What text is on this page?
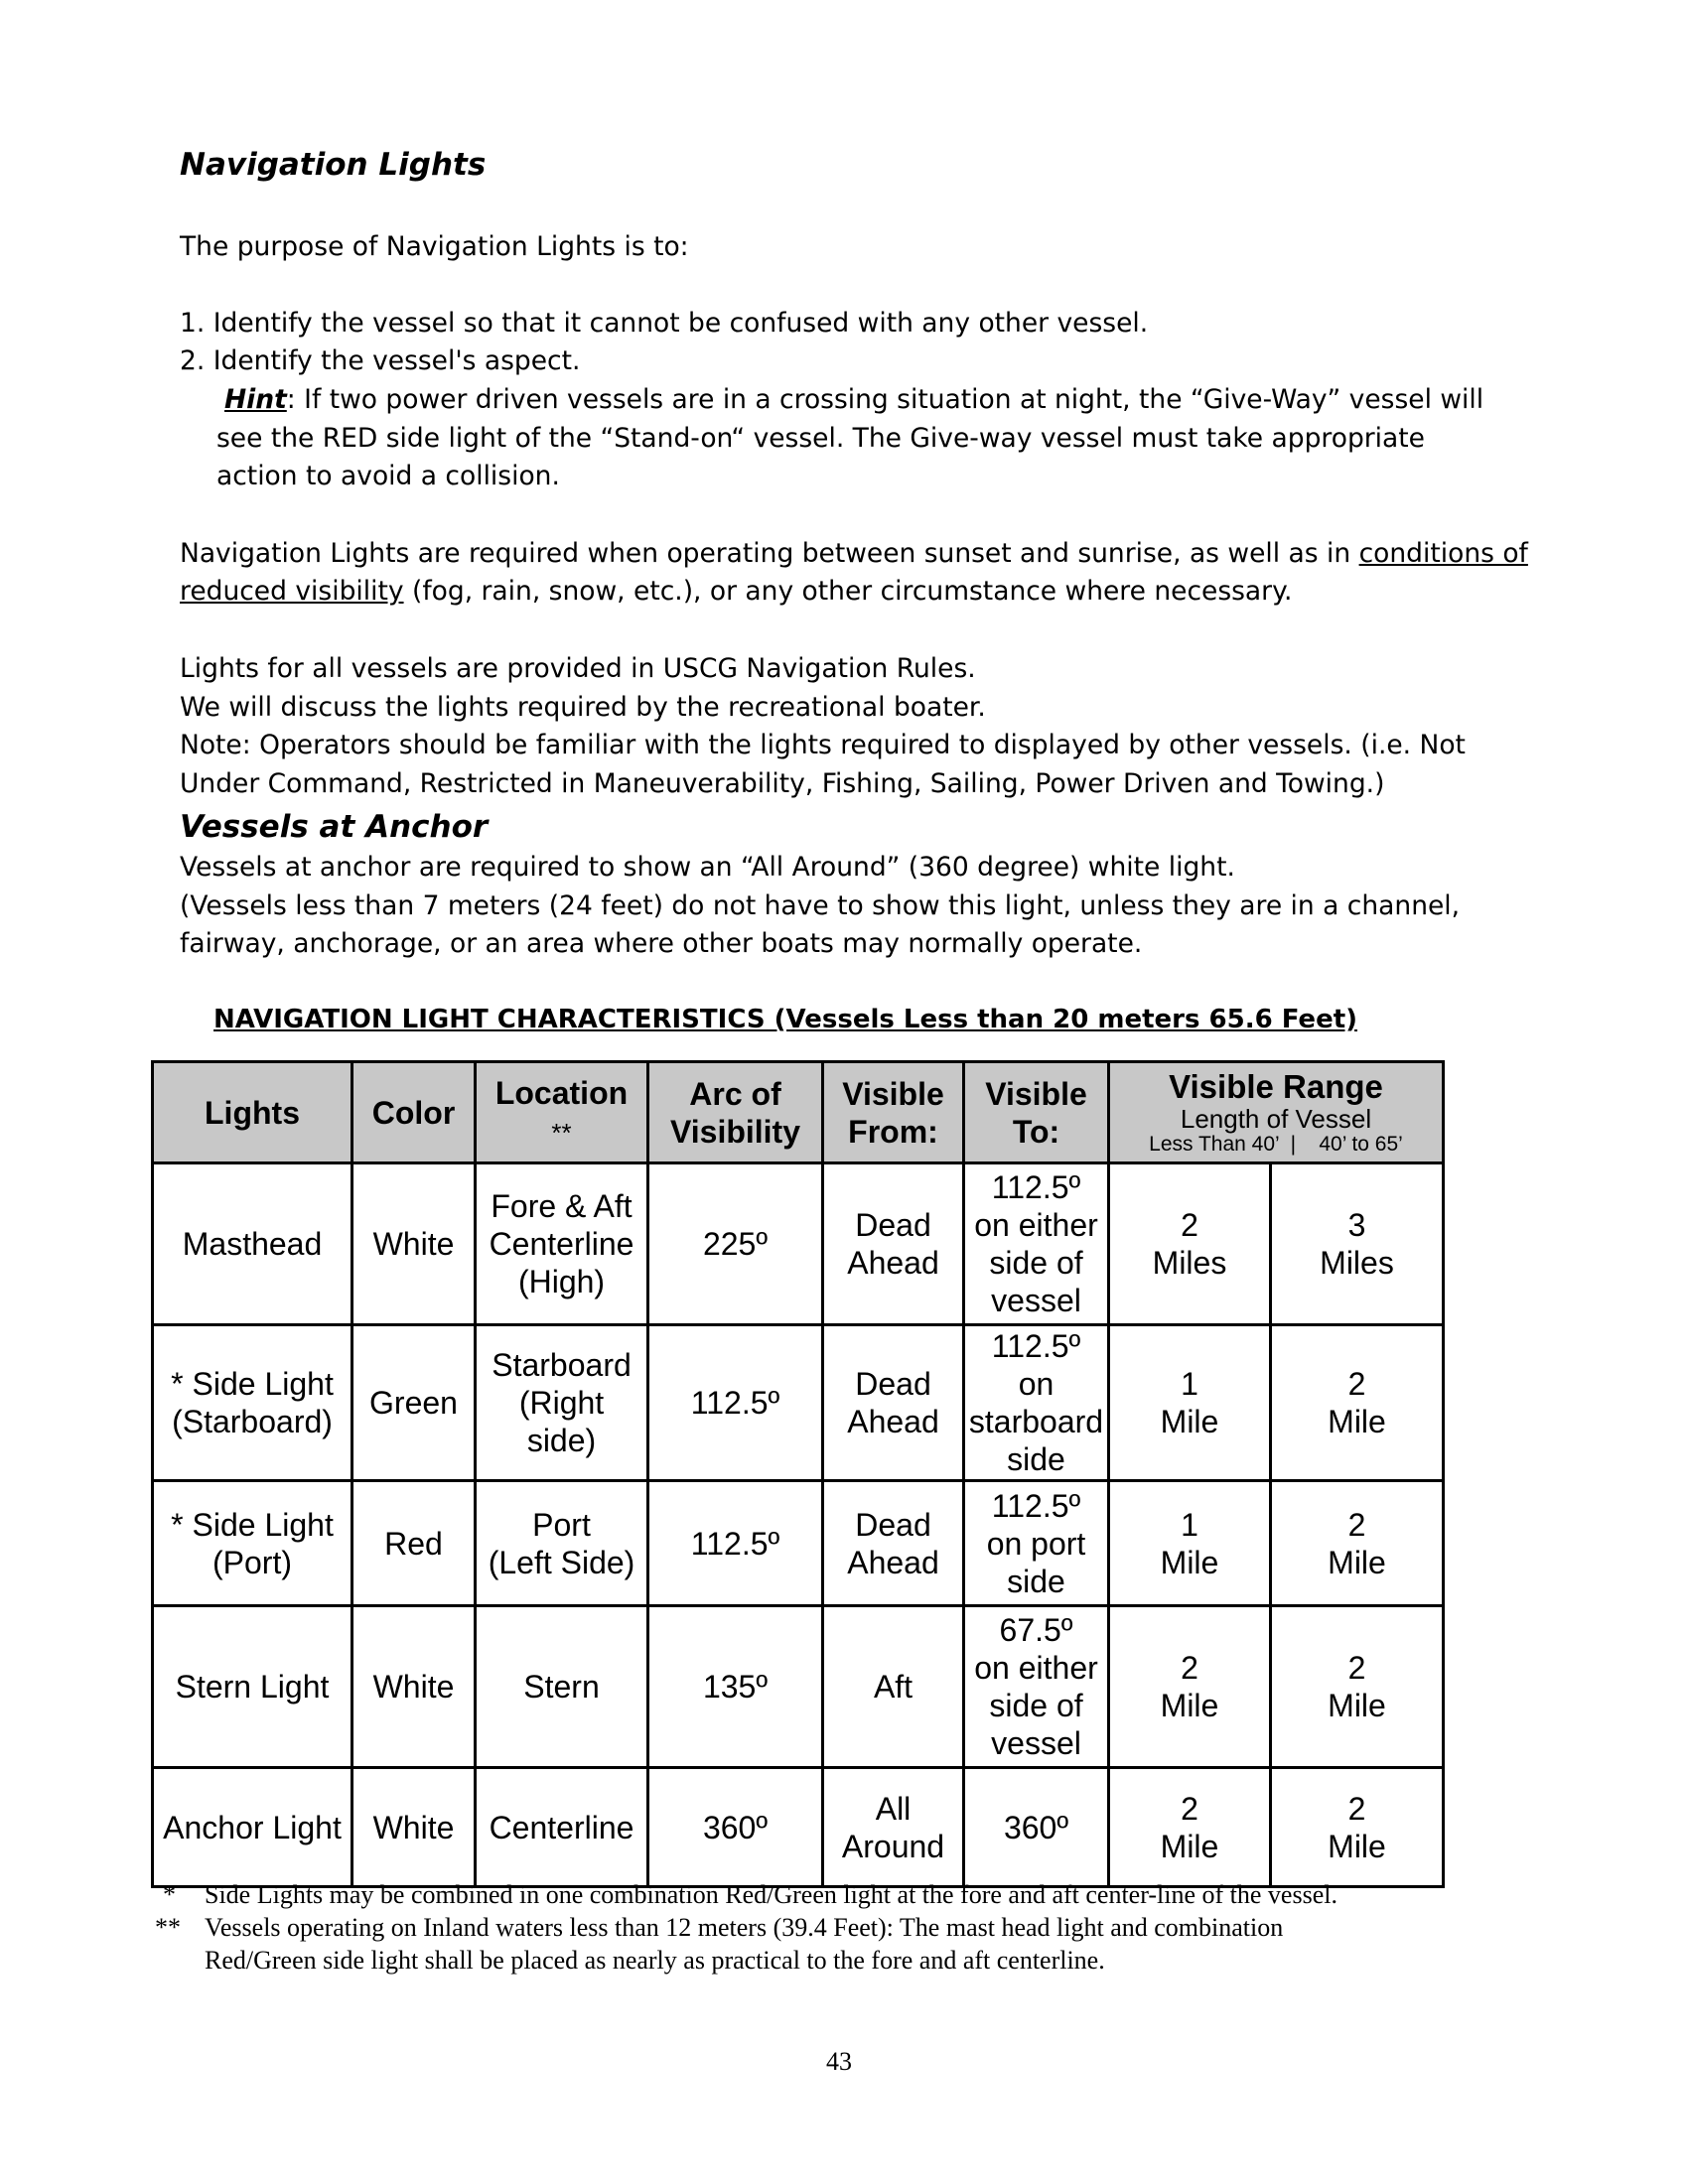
Navigation Lights
The purpose of Navigation Lights is to:
1. Identify the vessel so that it cannot be confused with any other vessel.
2. Identify the vessel's aspect.
Hint: If two power driven vessels are in a crossing situation at night, the “Give-Way” vessel will
see the RED side light of the “Stand-on“ vessel. The Give-way vessel must take appropriate
action to avoid a collision.
Navigation Lights are required when operating between sunset and sunrise, as well as in conditions of
reduced visibility (fog, rain, snow, etc.), or any other circumstance where necessary.
Lights for all vessels are provided in USCG Navigation Rules.
We will discuss the lights required by the recreational boater.
Note: Operators should be familiar with the lights required to displayed by other vessels. (i.e. Not
Under Command, Restricted in Maneuverability, Fishing, Sailing, Power Driven and Towing.)
Vessels at Anchor
Vessels at anchor are required to show an “All Around” (360 degree) white light.
(Vessels less than 7 meters (24 feet) do not have to show this light, unless they are in a channel,
fairway, anchorage, or an area where other boats may normally operate.
NAVIGATION LIGHT CHARACTERISTICS (Vessels Less than 20 meters 65.6 Feet)
Lights	Color	Location
**	Arc of
Visibility	Visible
From:	Visible
To:	Visible Range
Length of Vessel
Less Than 40’  |    40’ to 65’	

Masthead	White	Fore & Aft
Centerline
(High)	225º	Dead
Ahead	112.5º
on either
side of
vessel	2
Miles	3
Miles

* Side Light
(Starboard)	Green	Starboard
(Right
side)	112.5º	Dead
Ahead	112.5º
on
starboard
side	1
Mile	2
Mile

* Side Light
(Port)	Red	Port
(Left Side)	112.5º	Dead
Ahead	112.5º
on port
side	1
Mile	2
Mile

Stern Light	White	Stern	135º	Aft	67.5º
on either
side of
vessel	2
Mile	2
Mile

Anchor Light	White	Centerline	360º	All
Around	360º	2
Mile	2
Mile
* Side Lights may be combined in one combination Red/Green light at the fore and aft center-line of the vessel.
** Vessels operating on Inland waters less than 12 meters (39.4 Feet): The mast head light and combination
Red/Green side light shall be placed as nearly as practical to the fore and aft centerline.
43
